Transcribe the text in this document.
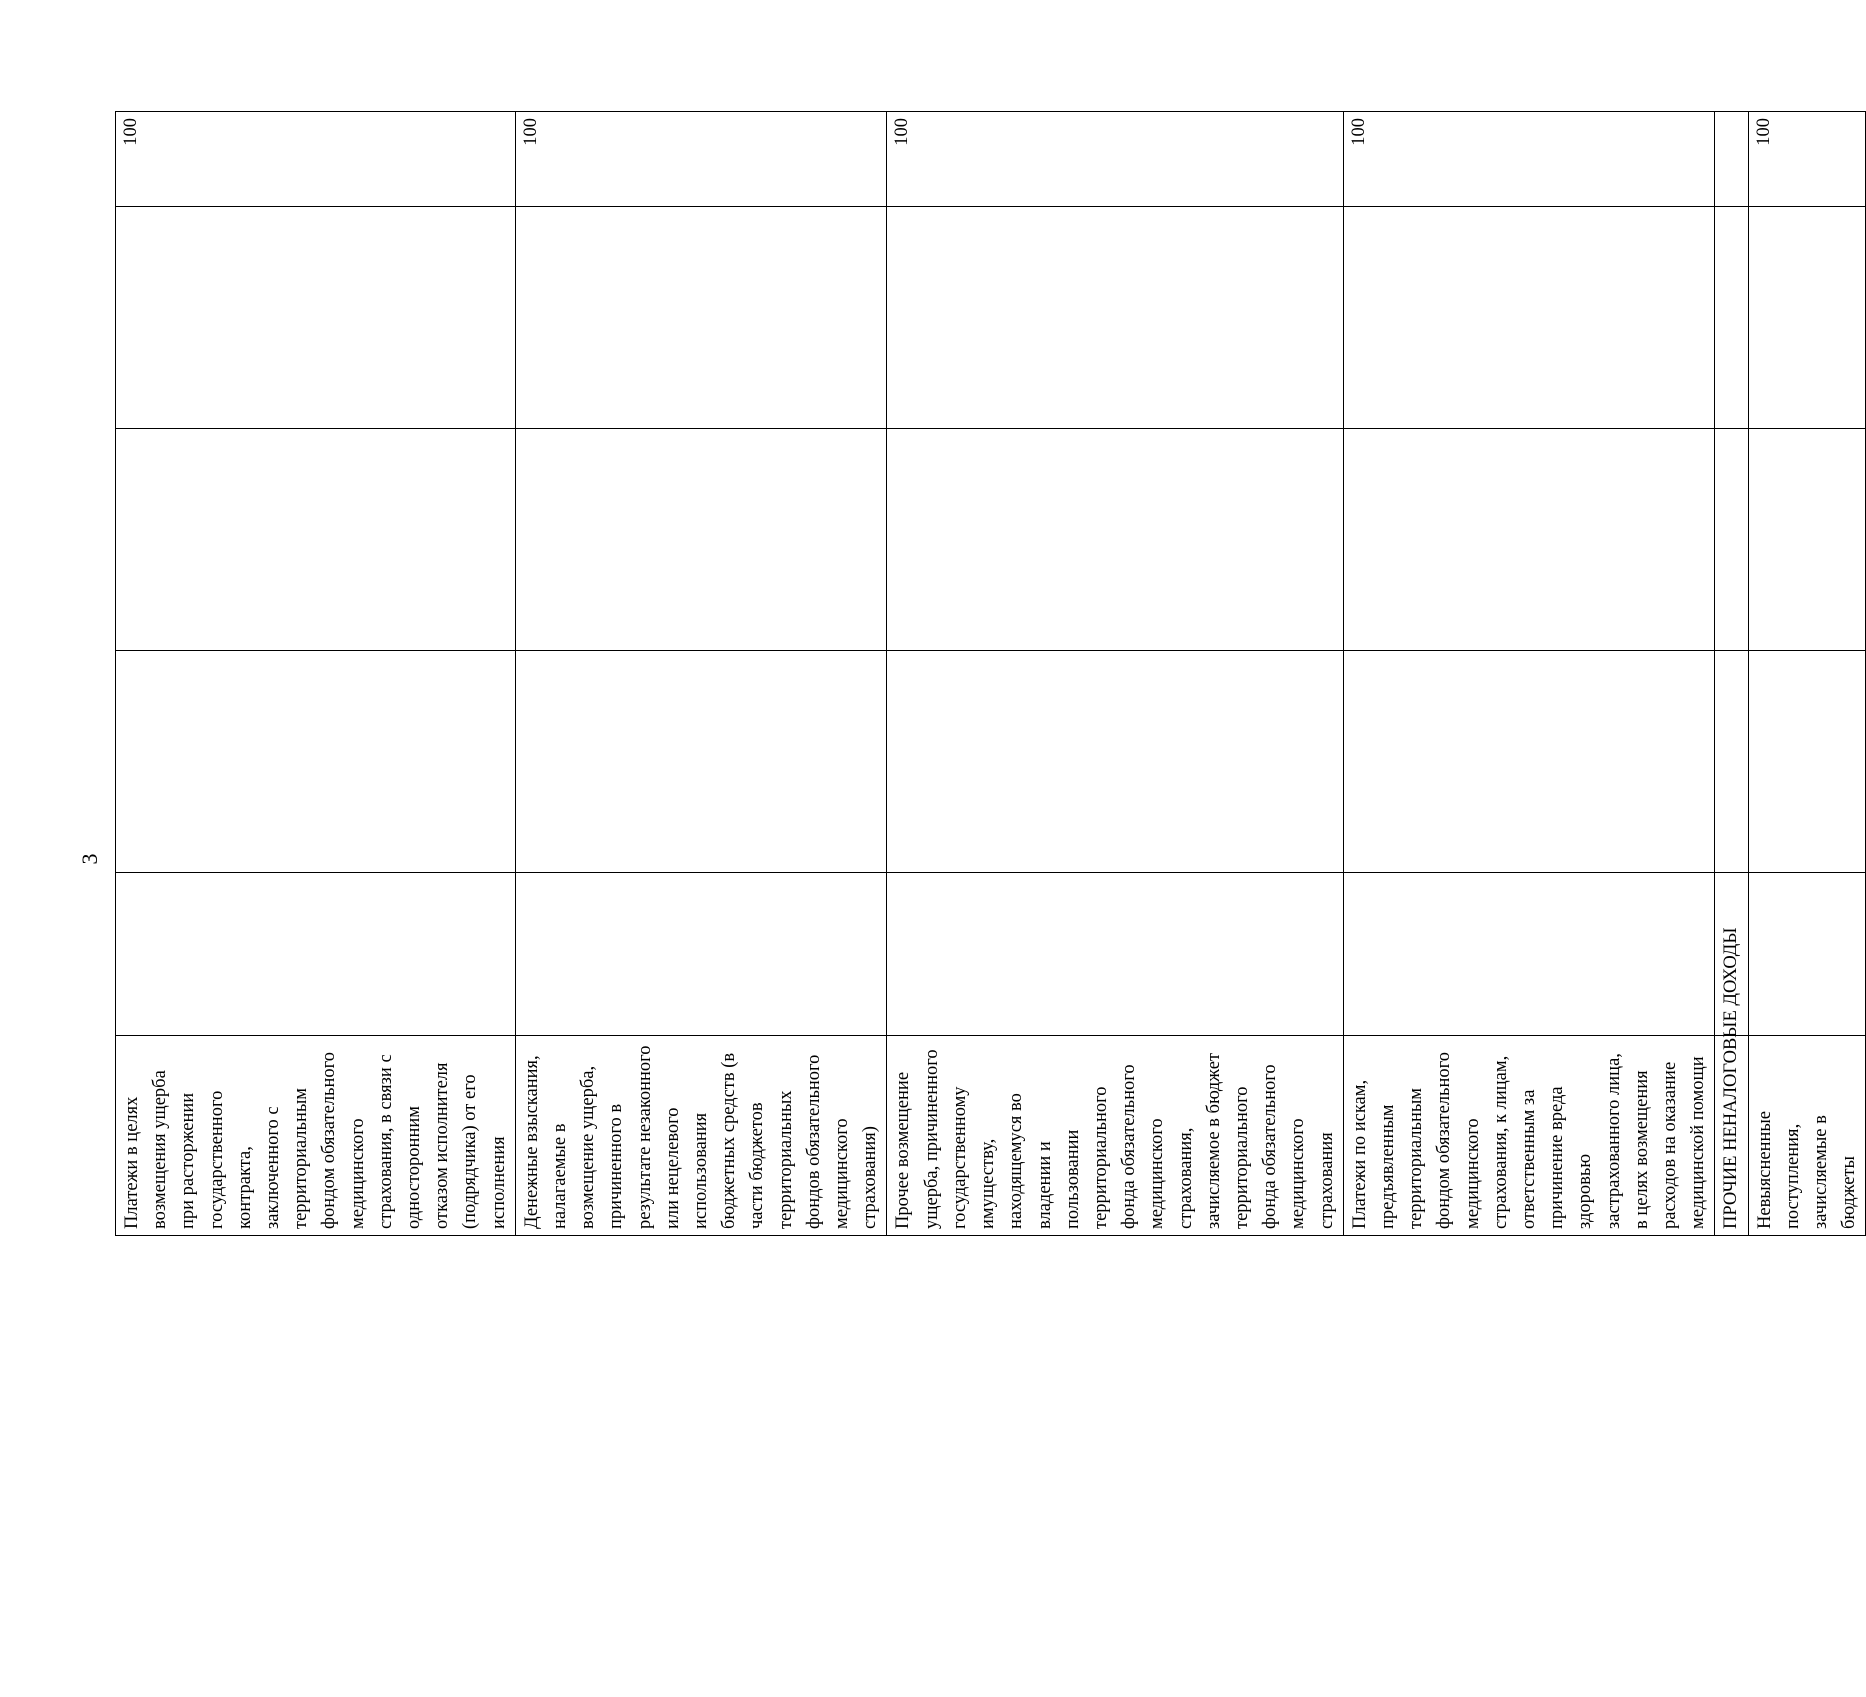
3
Платежи в целях возмещения ущерба при расторжении государственного контракта, заключенного с территориальным фондом обязательного медицинского страхования, в связи с односторонним отказом исполнителя (подрядчика) от его исполнения					100
Денежные взыскания, налагаемые в возмещение ущерба, причиненного в результате незаконного или нецелевого использования бюджетных средств (в части бюджетов территориальных фондов обязательного медицинского страхования)					100
Прочее возмещение ущерба, причиненного государственному имуществу, находящемуся во владении и пользовании территориального фонда обязательного медицинского страхования, зачисляемое в бюджет территориального фонда обязательного медицинского страхования					100
Платежи по искам, предъявленным территориальным фондом обязательного медицинского страхования, к лицам, ответственным за причинение вреда здоровью застрахованного лица, в целях возмещения расходов на оказание медицинской помощи					100
ПРОЧИЕ НЕНАЛОГОВЫЕ ДОХОДЫ					
Невыясненные поступления, зачисляемые в бюджеты					100
